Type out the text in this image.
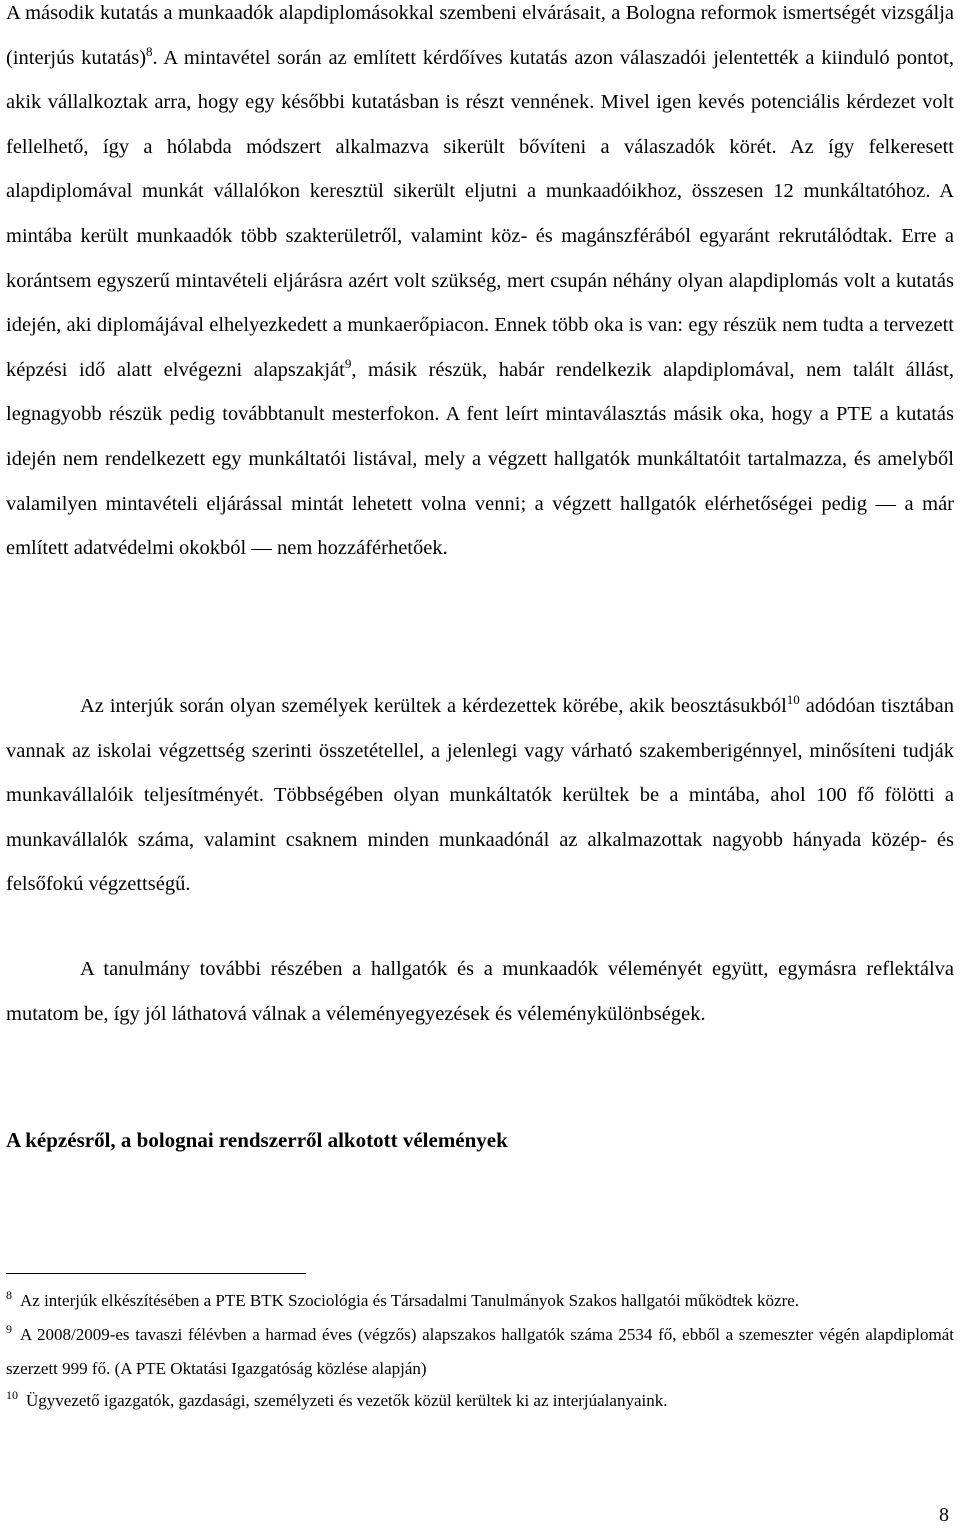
A második kutatás a munkaadók alapdiplomásokkal szembeni elvárásait, a Bologna reformok ismertségét vizsgálja (interjús kutatás)$^8$. A mintavétel során az említett kérdőíves kutatás azon válaszadói jelentették a kiinduló pontot, akik vállalkoztak arra, hogy egy későbbi kutatásban is részt vennének. Mivel igen kevés potenciális kérdezet volt fellelhető, így a hólabda módszert alkalmazva sikerült bővíteni a válaszadók körét. Az így felkeresett alapdiplomával munkát vállalókon keresztül sikerült eljutni a munkaadóikhoz, összesen 12 munkáltatóhoz. A mintába került munkaadók több szakterületről, valamint köz- és magánszférából egyaránt rekrutálódtak. Erre a korántsem egyszerű mintavételi eljárásra azért volt szükség, mert csupán néhány olyan alapdiplomás volt a kutatás idején, aki diplomájával elhelyezkedett a munkaerőpiacon. Ennek több oka is van: egy részük nem tudta a tervezett képzési idő alatt elvégezni alapszakját$^9$, másik részük, habár rendelkezik alapdiplomával, nem talált állást, legnagyobb részük pedig továbbtanult mesterfokon. A fent leírt mintaválasztás másik oka, hogy a PTE a kutatás idején nem rendelkezett egy munkáltatói listával, mely a végzett hallgatók munkáltatóit tartalmazza, és amelyből valamilyen mintavételi eljárással mintát lehetett volna venni; a végzett hallgatók elérhetőségei pedig — a már említett adatvédelmi okokból — nem hozzáférhetőek.

Az interjúk során olyan személyek kerültek a kérdezettek körébe, akik beosztásukból$^{10}$ adódóan tisztában vannak az iskolai végzettség szerinti összetétellel, a jelenlegi vagy várható szakemberigénnyel, minősíteni tudják munkavállalóik teljesítményét. Többségében olyan munkáltatók kerültek be a mintába, ahol 100 fő fölötti a munkavállalók száma, valamint csaknem minden munkaadónál az alkalmazottak nagyobb hányada közép- és felsőfokú végzettségű.

A tanulmány további részében a hallgatók és a munkaadók véleményét együtt, egymásra reflektálva mutatom be, így jól láthatová válnak a véleményegyezések és véleménykülönbségek.

A képzésről, a bolognai rendszerről alkotott vélemények

$^8$ Az interjúk elkészítésében a PTE BTK Szociológia és Társadalmi Tanulmányok Szakos hallgatói működtek közre.

$^9$ A 2008/2009-es tavaszi félévben a harmad éves (végzős) alapszakos hallgatók száma 2534 fő, ebből a szemeszter végén alapdiplomát szerzett 999 fő. (A PTE Oktatási Igazgatóság közlése alapján)

$^{10}$ Ügyvezető igazgatók, gazdasági, személyzeti és vezetők közül kerültek ki az interjúalanyaink.

8
